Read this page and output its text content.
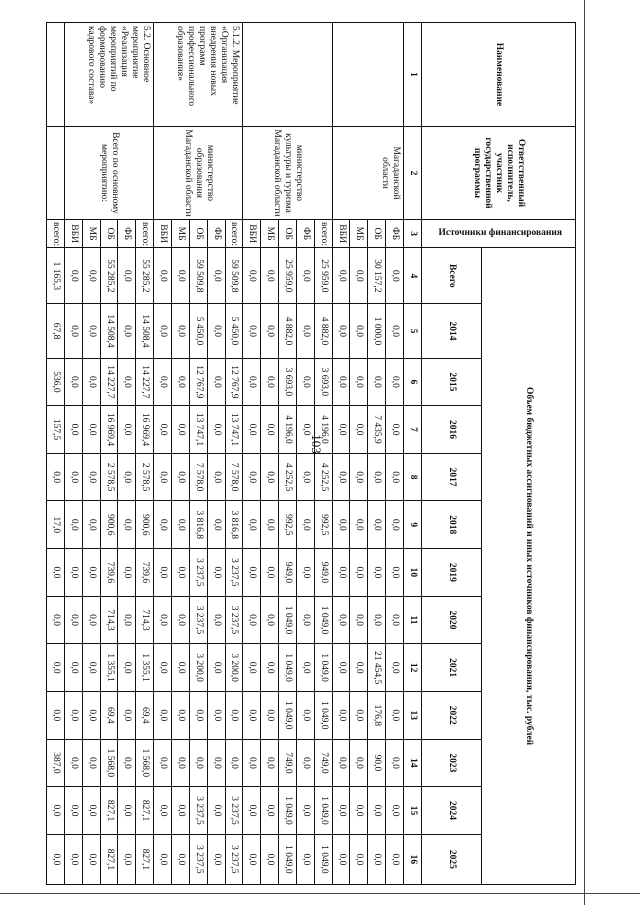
103
Наименование	Ответственный исполнитель, участник государственной программы	Источники финансирования	Объем бюджетных ассигнований и иных источников финансирования, тыс. рублей												
			Всего	2014	2015	2016	2017	2018	2019	2020	2021	2022	2023	2024	2025
1	2	3	4	5	6	7	8	9	10	11	12	13	14	15	16
	Магаданской области	ФБ	0,0	0,0	0,0	0,0	0,0	0,0	0,0	0,0	0,0	0,0	0,0	0,0	0,0
		ОБ	30 157,2	1 000,0	0,0	7 435,9	0,0	0,0	0,0	0,0	21 454,5	176,8	90,0	0,0	0,0
		МБ	0,0	0,0	0,0	0,0	0,0	0,0	0,0	0,0	0,0	0,0	0,0	0,0	0,0
		ВБИ	0,0	0,0	0,0	0,0	0,0	0,0	0,0	0,0	0,0	0,0	0,0	0,0	0,0
	министерство культуры и туризма Магаданской области	всего:	25 959,0	4 882,0	3 693,0	4 196,0	4 252,5	992,5	949,0	1 049,0	1 049,0	1 049,0	749,0	1 049,0	1 049,0
		ФБ	0,0	0,0	0,0	0,0	0,0	0,0	0,0	0,0	0,0	0,0	0,0	0,0	0,0
		ОБ	25 959,0	4 882,0	3 693,0	4 196,0	4 252,5	992,5	949,0	1 049,0	1 049,0	1 049,0	749,0	1 049,0	1 049,0
		МБ	0,0	0,0	0,0	0,0	0,0	0,0	0,0	0,0	0,0	0,0	0,0	0,0	0,0
		ВБИ	0,0	0,0	0,0	0,0	0,0	0,0	0,0	0,0	0,0	0,0	0,0	0,0	0,0
5.1.2. Мероприятие «Организация внедрения новых программ профессионального образования»	министерство образования Магаданской области	всего:	59 509,8	5 450,0	12 767,9	13 747,1	7 578,0	3 816,8	3 237,5	3 237,5	3 200,0	0,0	0,0	3 237,5	3 237,5
		ФБ	0,0	0,0	0,0	0,0	0,0	0,0	0,0	0,0	0,0	0,0	0,0	0,0	0,0
		ОБ	59 509,8	5 450,0	12 767,9	13 747,1	7 578,0	3 816,8	3 237,5	3 237,5	3 200,0	0,0	0,0	3 237,5	3 237,5
		МБ	0,0	0,0	0,0	0,0	0,0	0,0	0,0	0,0	0,0	0,0	0,0	0,0	0,0
		ВБИ	0,0	0,0	0,0	0,0	0,0	0,0	0,0	0,0	0,0	0,0	0,0	0,0	0,0
5.2. Основное мероприятие «Реализация мероприятий по формированию кадрового состава»	Всего по основному мероприятию:	всего:	55 285,2	14 508,4	14 227,7	16 969,4	2 578,5	900,6	739,6	714,3	1 355,1	69,4	1 568,0	827,1	827,1
		ФБ	0,0	0,0	0,0	0,0	0,0	0,0	0,0	0,0	0,0	0,0	0,0	0,0	0,0
		ОБ	55 285,2	14 508,4	14 227,7	16 969,4	2 578,5	900,6	739,6	714,3	1 355,1	69,4	1 568,0	827,1	827,1
		МБ	0,0	0,0	0,0	0,0	0,0	0,0	0,0	0,0	0,0	0,0	0,0	0,0	0,0
		ВБИ	0,0	0,0	0,0	0,0	0,0	0,0	0,0	0,0	0,0	0,0	0,0	0,0	0,0
		всего:	1 165,3	67,8	536,0	157,5	0,0	17,0	0,0	0,0	0,0	0,0	387,0	0,0	0,0
